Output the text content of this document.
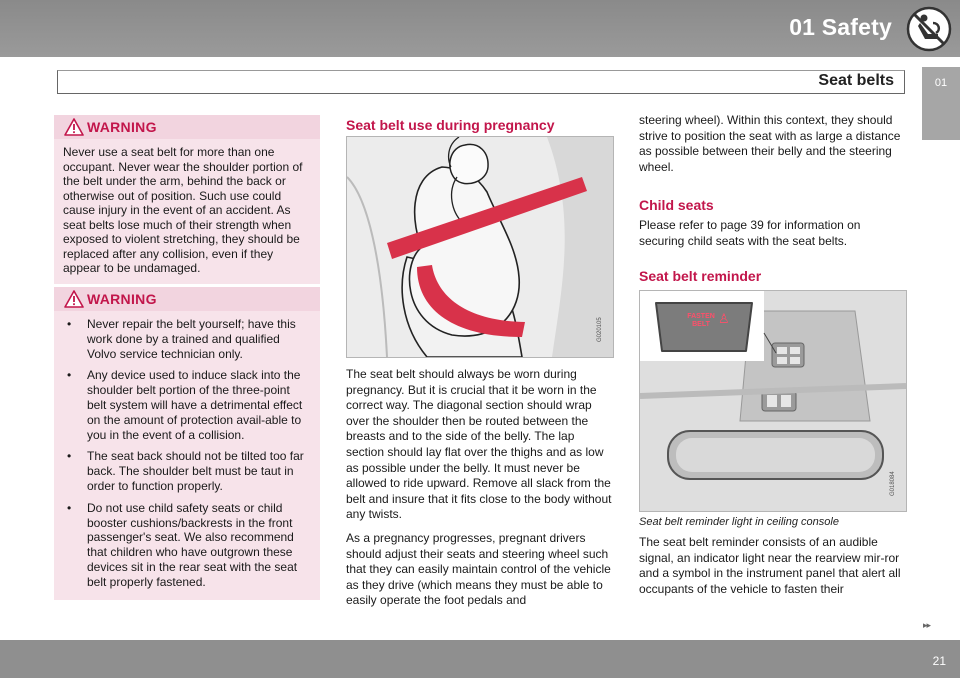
01 Safety
Seat belts	01
WARNING

Never use a seat belt for more than one occupant. Never wear the shoulder portion of the belt under the arm, behind the back or otherwise out of position. Such use could cause injury in the event of an accident. As seat belts lose much of their strength when exposed to violent stretching, they should be replaced after any collision, even if they appear to be undamaged.

WARNING
• Never repair the belt yourself; have this work done by a trained and qualified Volvo service technician only.
• Any device used to induce slack into the shoulder belt portion of the three-point belt system will have a detrimental effect on the amount of protection avail-able to you in the event of a collision.
• The seat back should not be tilted too far back. The shoulder belt must be taut in order to function properly.
• Do not use child safety seats or child booster cushions/backrests in the front passenger's seat. We also recommend that children who have outgrown these devices sit in the rear seat with the seat belt properly fastened.
Seat belt use during pregnancy
G020105

The seat belt should always be worn during pregnancy. But it is crucial that it be worn in the correct way. The diagonal section should wrap over the shoulder then be routed between the breasts and to the side of the belly. The lap section should lay flat over the thighs and as low as possible under the belly. It must never be allowed to ride upward. Remove all slack from the belt and insure that it fits close to the body without any twists.

As a pregnancy progresses, pregnant drivers should adjust their seats and steering wheel such that they can easily maintain control of the vehicle as they drive (which means they must be able to easily operate the foot pedals and

steering wheel). Within this context, they should strive to position the seat with as large a distance as possible between their belly and the steering wheel.

Child seats

Please refer to page 39 for information on securing child seats with the seat belts.

Seat belt reminder
FASTEN BELT ♙
G018084
Seat belt reminder light in ceiling console

The seat belt reminder consists of an audible signal, an indicator light near the rearview mir-ror and a symbol in the instrument panel that alert all occupants of the vehicle to fasten their

▸▸
21
